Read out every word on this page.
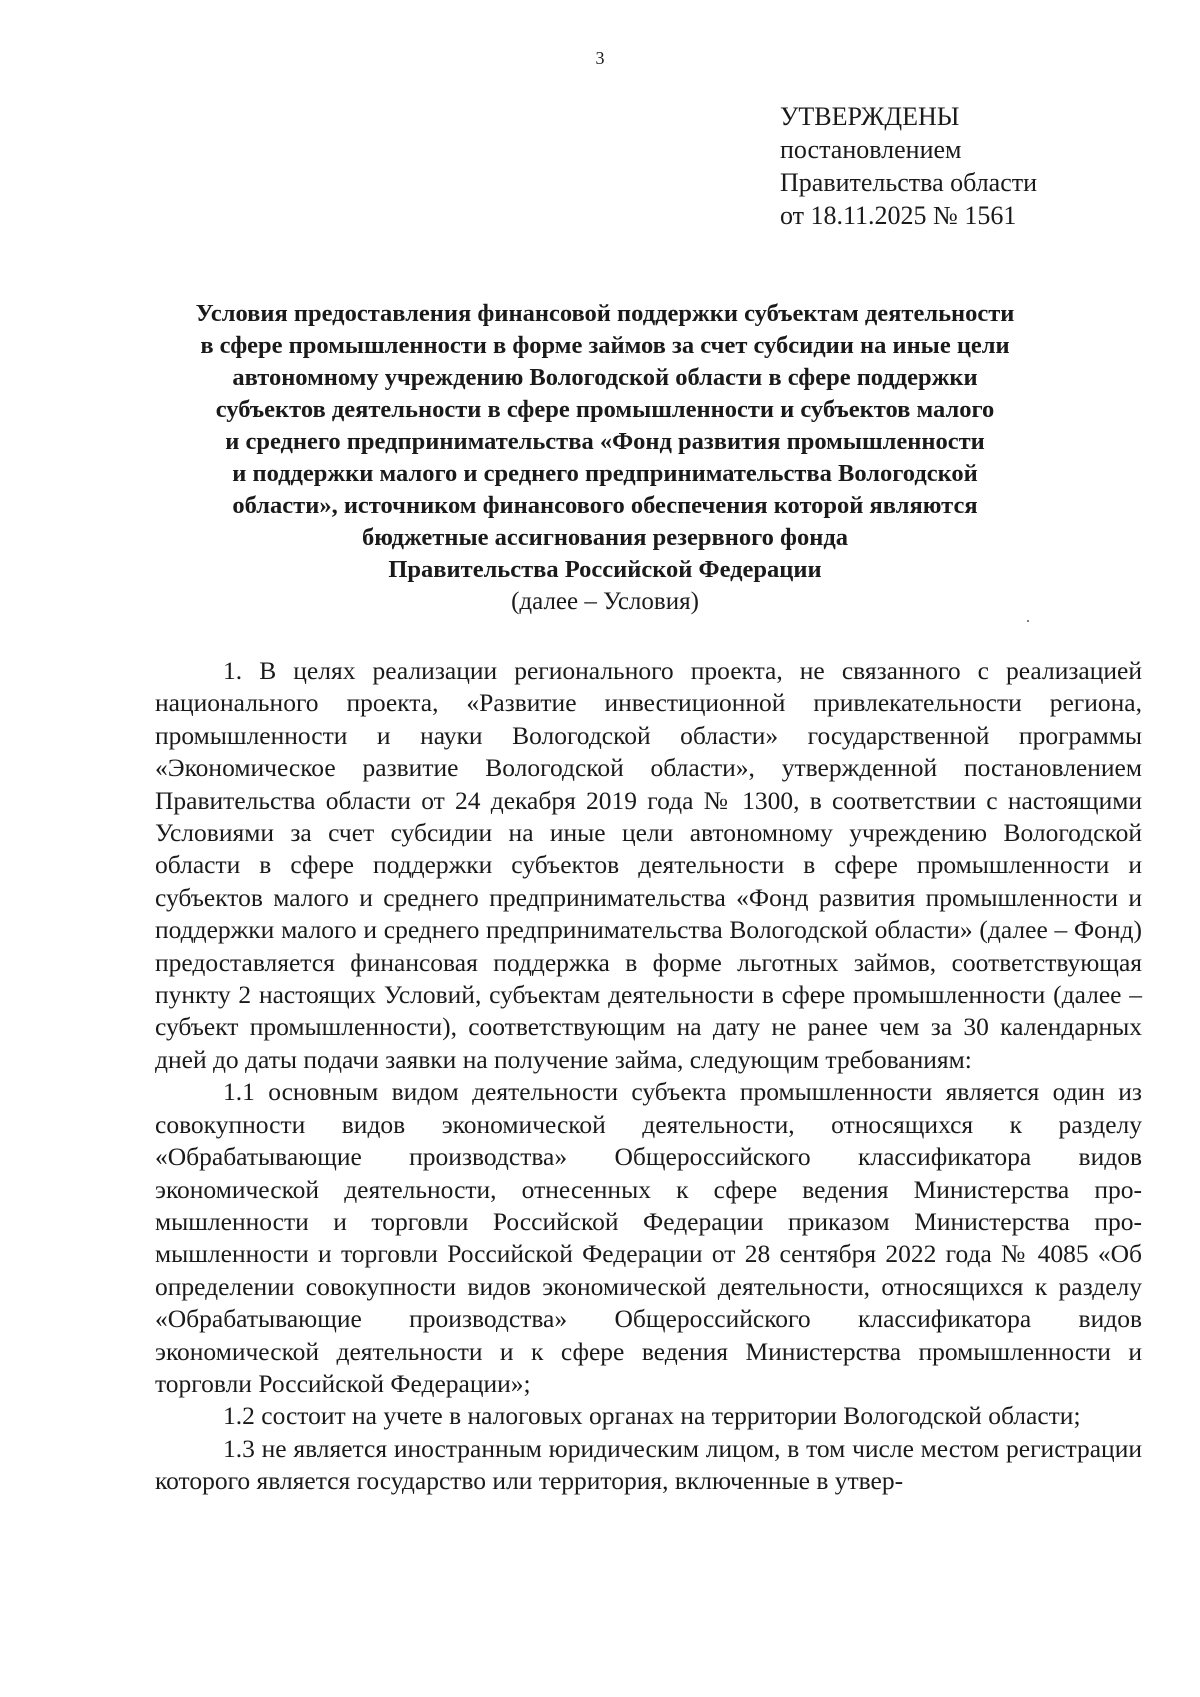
3
УТВЕРЖДЕНЫ
постановлением
Правительства области
от 18.11.2025 № 1561
Условия предоставления финансовой поддержки субъектам деятельности
в сфере промышленности в форме займов за счет субсидии на иные цели
автономному учреждению Вологодской области в сфере поддержки
субъектов деятельности в сфере промышленности и субъектов малого
и среднего предпринимательства «Фонд развития промышленности
и поддержки малого и среднего предпринимательства Вологодской
области», источником финансового обеспечения которой являются
бюджетные ассигнования резервного фонда
Правительства Российской Федерации
(далее – Условия)

1. В целях реализации регионального проекта, не связанного с реализацией национального проекта, «Развитие инвестиционной привлекательности региона, промышленности и науки Вологодской области» государственной программы «Экономическое развитие Вологодской области», утвержденной постановлением Правительства области от 24 декабря 2019 года № 1300, в соответствии с настоящими Условиями за счет субсидии на иные цели автономному учреждению Вологодской области в сфере поддержки субъектов деятельности в сфере промышленности и субъектов малого и среднего предпринимательства «Фонд развития промышленности и поддержки малого и среднего предпринимательства Вологодской области» (далее – Фонд) предоставляется финансовая поддержка в форме льготных займов, соответствующая пункту 2 настоящих Условий, субъектам деятельности в сфере промышленности (далее – субъект промышленности), соответствующим на дату не ранее чем за 30 календарных дней до даты подачи заявки на получение займа, следующим требованиям:

1.1 основным видом деятельности субъекта промышленности является один из совокупности видов экономической деятельности, относящихся к разделу «Обрабатывающие производства» Общероссийского классификатора видов экономической деятельности, отнесенных к сфере ведения Министерства промышленности и торговли Российской Федерации приказом Министерства промышленности и торговли Российской Федерации от 28 сентября 2022 года № 4085 «Об определении совокупности видов экономической деятельности, относящихся к разделу «Обрабатывающие производства» Общероссийского классификатора видов экономической деятельности и к сфере ведения Министерства промышленности и торговли Российской Федерации»;

1.2 состоит на учете в налоговых органах на территории Вологодской области;

1.3 не является иностранным юридическим лицом, в том числе местом регистрации которого является государство или территория, включенные в утвер-
